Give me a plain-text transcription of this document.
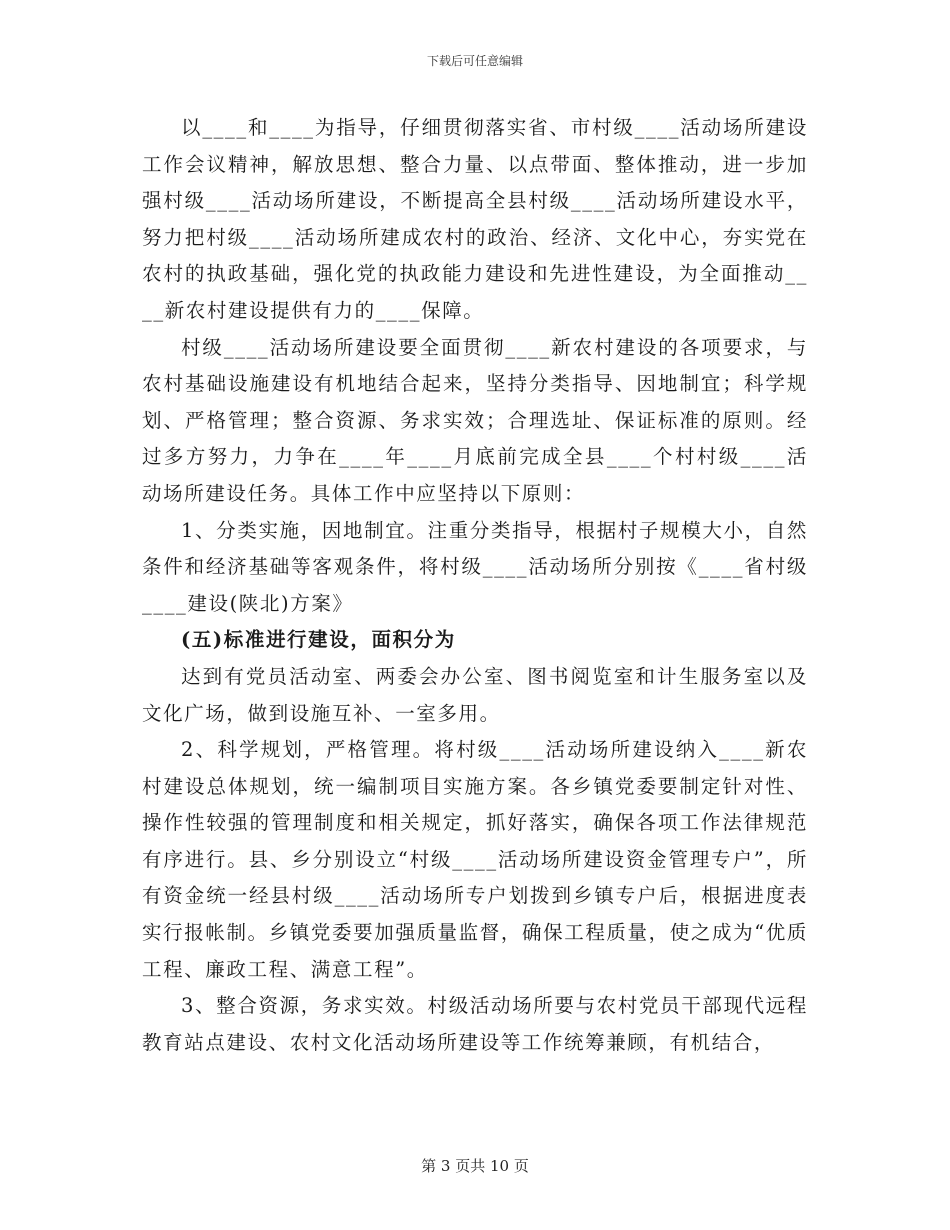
下载后可任意编辑

以____和____为指导，仔细贯彻落实省、市村级____活动场所建设工作会议精神，解放思想、整合力量、以点带面、整体推动，进一步加强村级____活动场所建设，不断提高全县村级____活动场所建设水平，努力把村级____活动场所建成农村的政治、经济、文化中心，夯实党在农村的执政基础，强化党的执政能力建设和先进性建设，为全面推动____新农村建设提供有力的____保障。

村级____活动场所建设要全面贯彻____新农村建设的各项要求，与农村基础设施建设有机地结合起来，坚持分类指导、因地制宜；科学规划、严格管理；整合资源、务求实效；合理选址、保证标准的原则。经过多方努力，力争在____年____月底前完成全县____个村村级____活动场所建设任务。具体工作中应坚持以下原则：

1、分类实施，因地制宜。注重分类指导，根据村子规模大小，自然条件和经济基础等客观条件，将村级____活动场所分别按《____省村级____建设(陕北)方案》

(五)标准进行建设，面积分为

达到有党员活动室、两委会办公室、图书阅览室和计生服务室以及文化广场，做到设施互补、一室多用。

2、科学规划，严格管理。将村级____活动场所建设纳入____新农村建设总体规划，统一编制项目实施方案。各乡镇党委要制定针对性、操作性较强的管理制度和相关规定，抓好落实，确保各项工作法律规范有序进行。县、乡分别设立“村级____活动场所建设资金管理专户”，所有资金统一经县村级____活动场所专户划拨到乡镇专户后，根据进度表实行报帐制。乡镇党委要加强质量监督，确保工程质量，使之成为“优质工程、廉政工程、满意工程”。

3、整合资源，务求实效。村级活动场所要与农村党员干部现代远程教育站点建设、农村文化活动场所建设等工作统筹兼顾，有机结合，

第 3 页共 10 页
